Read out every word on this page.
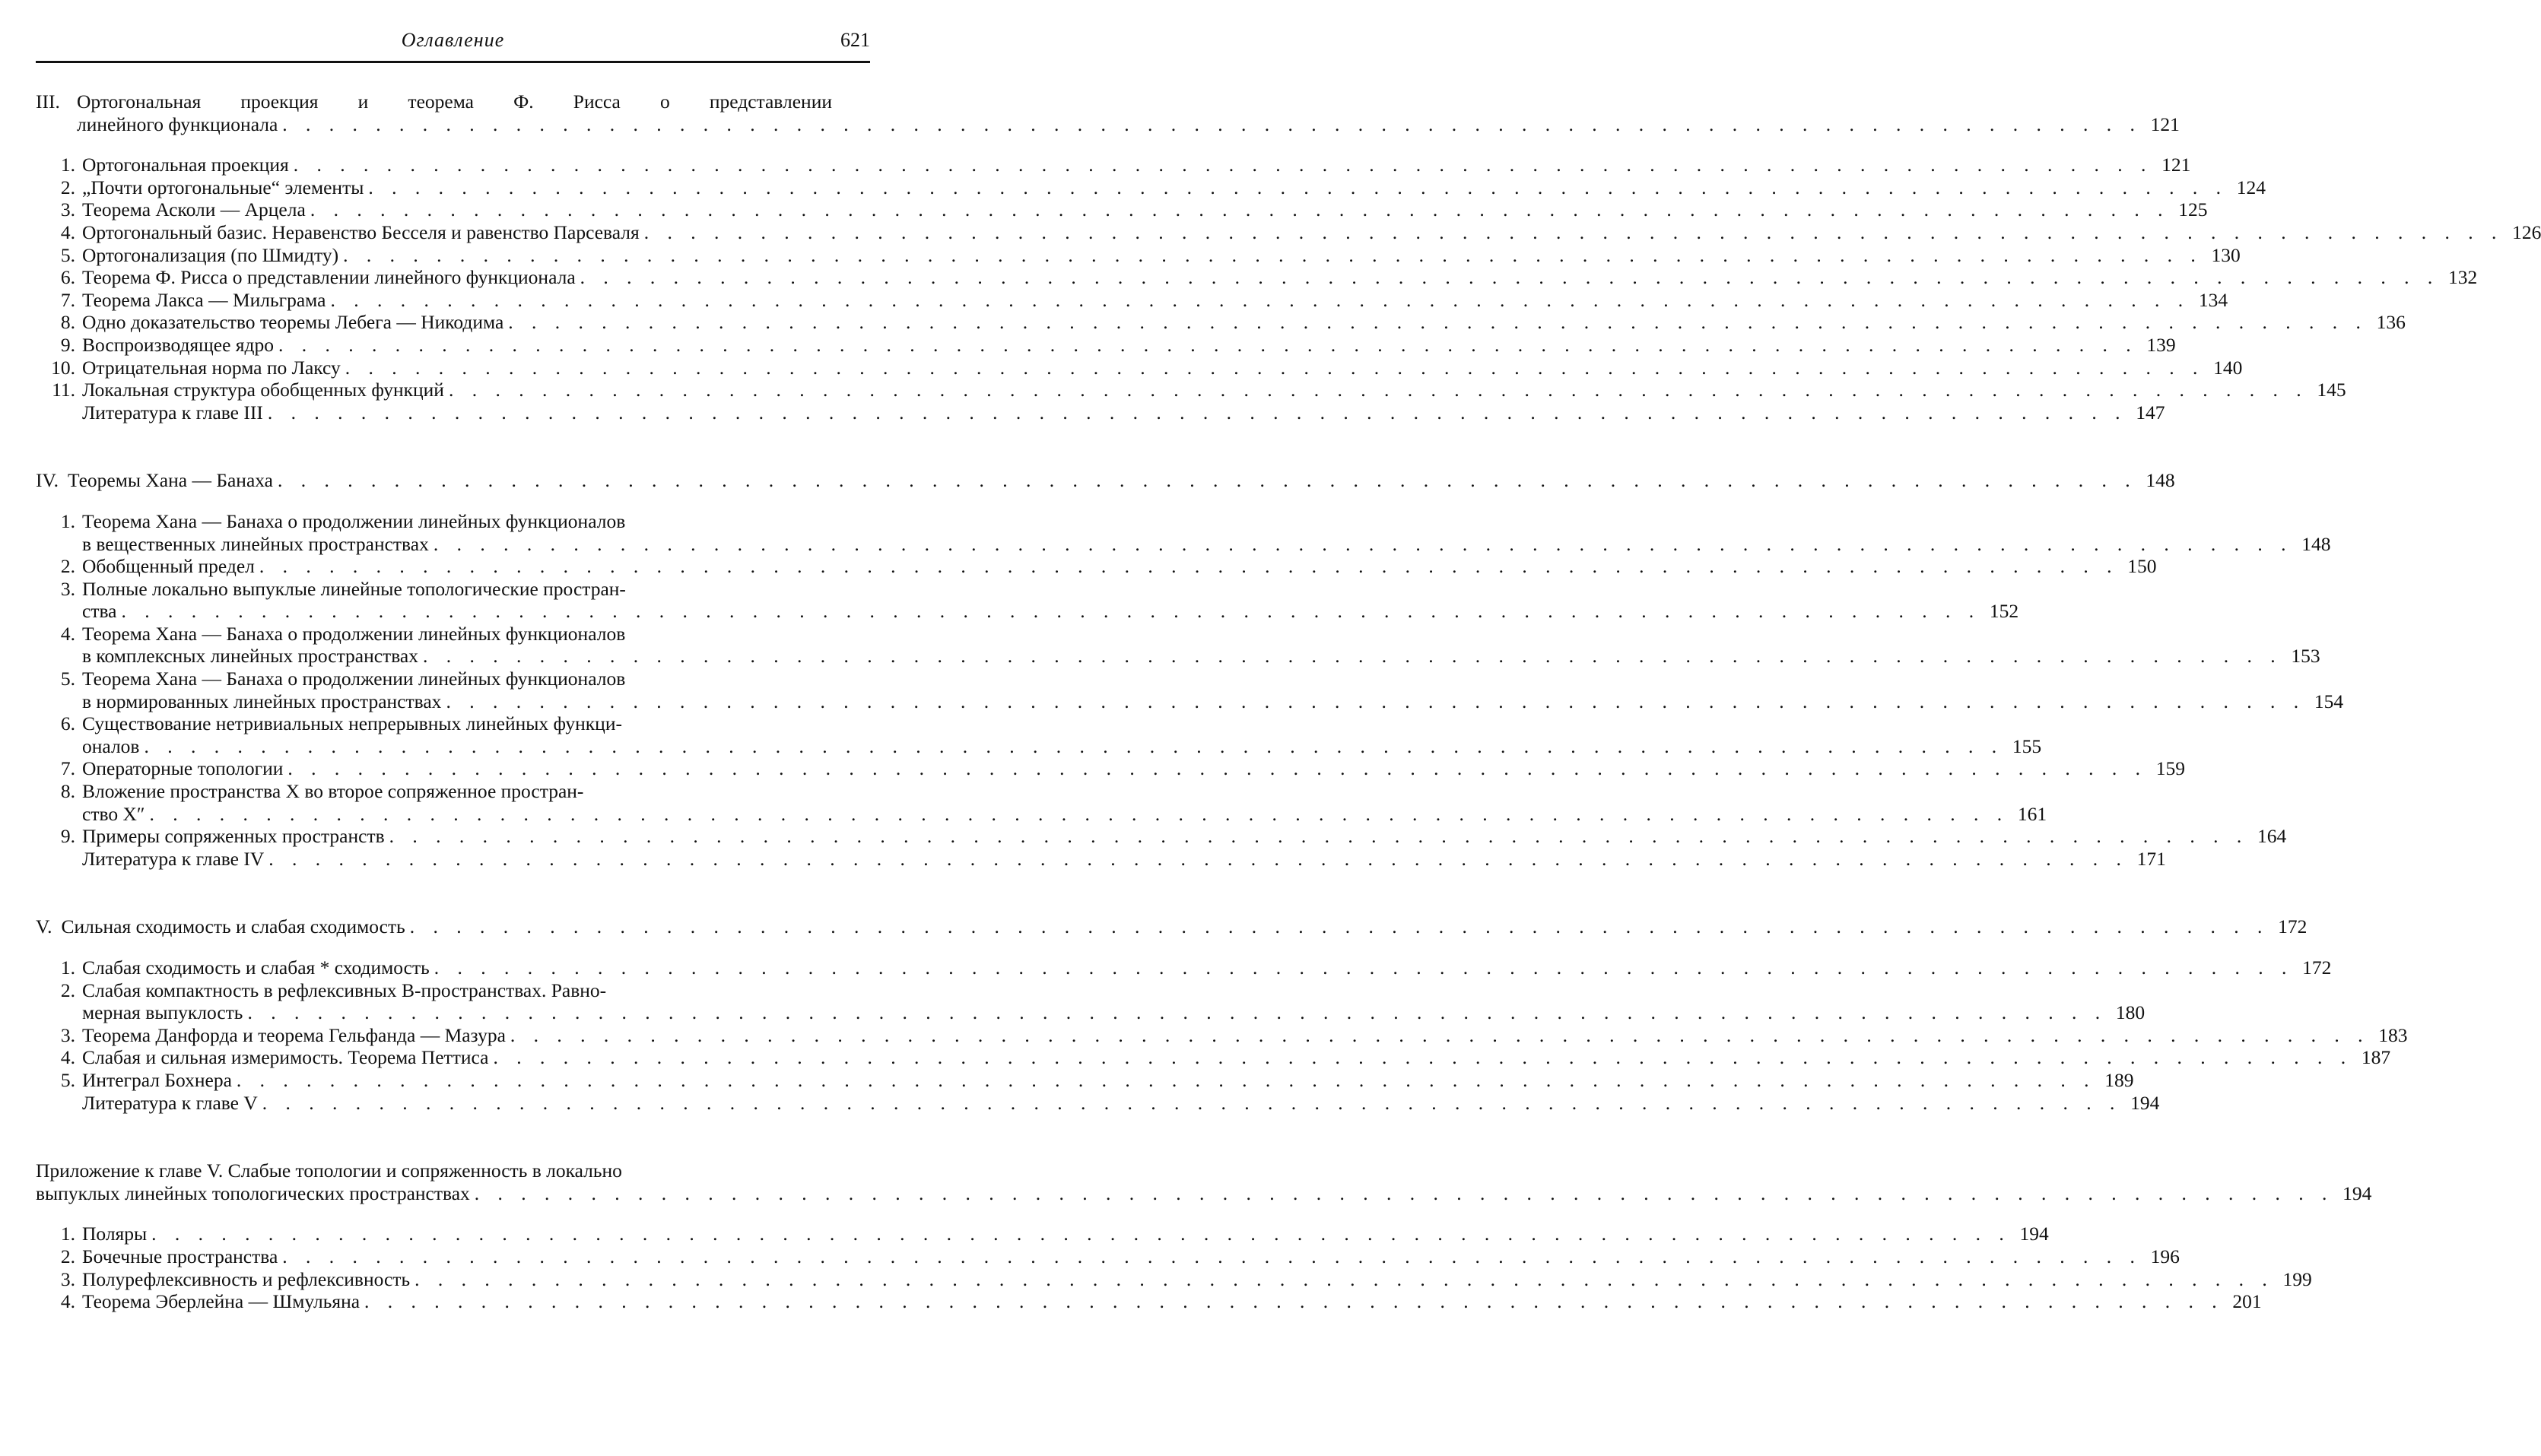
Оглавление	621
III. Ортогональная проекция и теорема Ф. Рисса о представлении
линейного функционала
. . .	121
1. Ортогональная проекция
. . .	121
2. „Почти ортогональные“ элементы
. . .	124
3. Теорема Асколи — Арцела
. . .	125
4. Ортогональный базис. Неравенство Бесселя и равенство Парсеваля
. . .	126
5. Ортогонализация (по Шмидту)
. . .	130
6. Теорема Ф. Рисса о представлении линейного функционала
. . .	132
7. Теорема Лакса — Мильграма
. . .	134
8. Одно доказательство теоремы Лебега — Никодима
. . .	136
9. Воспроизводящее ядро
. . .	139
10. Отрицательная норма по Лаксу
. . .	140
11. Локальная структура обобщенных функций
. . .	145
Литература к главе III
. . .	147
IV. Теоремы Хана — Банаха
. . .	148
1. Теорема Хана — Банаха о продолжении линейных функционалов
в вещественных линейных пространствах
. . .	148
2. Обобщенный предел
. . .	150
3. Полные локально выпуклые линейные топологические простран-
ства
. . .	152
4. Теорема Хана — Банаха о продолжении линейных функционалов
в комплексных линейных пространствах
. . .	153
5. Теорема Хана — Банаха о продолжении линейных функционалов
в нормированных линейных пространствах
. . .	154
6. Существование нетривиальных непрерывных линейных функци-
оналов
. . .	155
7. Операторные топологии
. . .	159
8. Вложение пространства X во второе сопряженное простран-
ство X″
. . .	161
9. Примеры сопряженных пространств
. . .	164
Литература к главе IV
. . .	171
V. Сильная сходимость и слабая сходимость
. . .	172
1. Слабая сходимость и слабая * сходимость
. . .	172
2. Слабая компактность в рефлексивных B-пространствах. Равно-
мерная выпуклость
. . .	180
3. Теорема Данфорда и теорема Гельфанда — Мазура
. . .	183
4. Слабая и сильная измеримость. Теорема Петтиса
. . .	187
5. Интеграл Бохнера
. . .	189
Литература к главе V
. . .	194
Приложение к главе V. Слабые топологии и сопряженность в локально
выпуклых линейных топологических пространствах
. . .	194
1. Поляры
. . .	194
2. Бочечные пространства
. . .	196
3. Полурефлексивность и рефлексивность
. . .	199
4. Теорема Эберлейна — Шмульяна
. . .	201
